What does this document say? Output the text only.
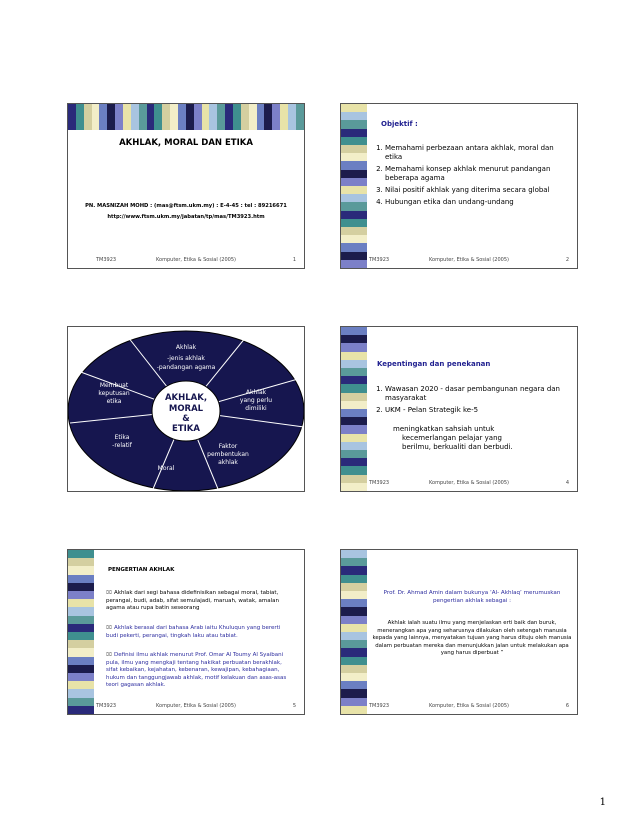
AKHLAK, MORAL DAN ETIKA
PN. MASNIZAH MOHD : (mas@ftsm.ukm.my) : E-4-45 : tel : 89216671
http://www.ftsm.ukm.my/jabatan/tp/mas/TM3923.htm
TM3923	Komputer, Etika & Sosial (2005)	1
Objektif :
1. Memahami perbezaan antara akhlak, moral dan etika
2. Memahami konsep akhlak menurut pandangan beberapa agama
3. Nilai positif akhlak yang diterima secara global
4. Hubungan etika dan undang-undang
TM3923	Komputer, Etika & Sosial (2005)	2
AKHLAK,
MORAL
&
ETIKA
Akhlak
-jenis akhlak
-pandangan agama
Akhlak
yang perlu
dimiliki
Faktor
pembentukan
akhlak
Moral
Etika
-relatif
Membuat
keputusan
etika
Kepentingan dan penekanan
1. Wawasan 2020 - dasar pembangunan negara dan masyarakat
2. UKM - Pelan Strategik ke-5
meningkatkan sahsiah untuk
kecemerlangan pelajar yang
berilmu, berkualiti dan berbudi.
TM3923	Komputer, Etika & Sosial (2005)	4
PENGERTIAN AKHLAK
⌧ Akhlak dari segi bahasa didefinisikan sebagai moral, tabiat, perangai, budi, adab, sifat semulajadi, maruah, watak, amalan agama atau rupa batin seseorang
⌧ Akhlak berasal dari bahasa Arab iaitu Khuluqun yang bererti budi pekerti, perangai, tingkah laku atau tabiat.
⌧ Definisi ilmu akhlak menurut Prof. Omar Al Toumy Al Syaibani pula, ilmu yang mengkaji tentang hakikat perbuatan berakhlak, sifat kebaikan, kejahatan, kebenaran, kewajipan, kebahagiaan, hukum dan tanggungjawab akhlak, motif kelakuan dan asas-asas teori gagasan akhlak.
TM3923	Komputer, Etika & Sosial (2005)	5
Prof. Dr. Ahmad Amin dalam bukunya ‘Al- Akhlaq’ merumuskan pengertian akhlak sebagai :
Akhlak ialah suatu ilmu yang menjelaskan erti baik dan buruk, menerangkan apa yang seharusnya dilakukan oleh setengah manusia kepada yang lainnya, menyatakan tujuan yang harus dituju oleh manusia dalam perbuatan mereka dan menunjukkan jalan untuk melakukan apa yang harus diperbuat ”
TM3923	Komputer, Etika & Sosial (2005)	6
1
